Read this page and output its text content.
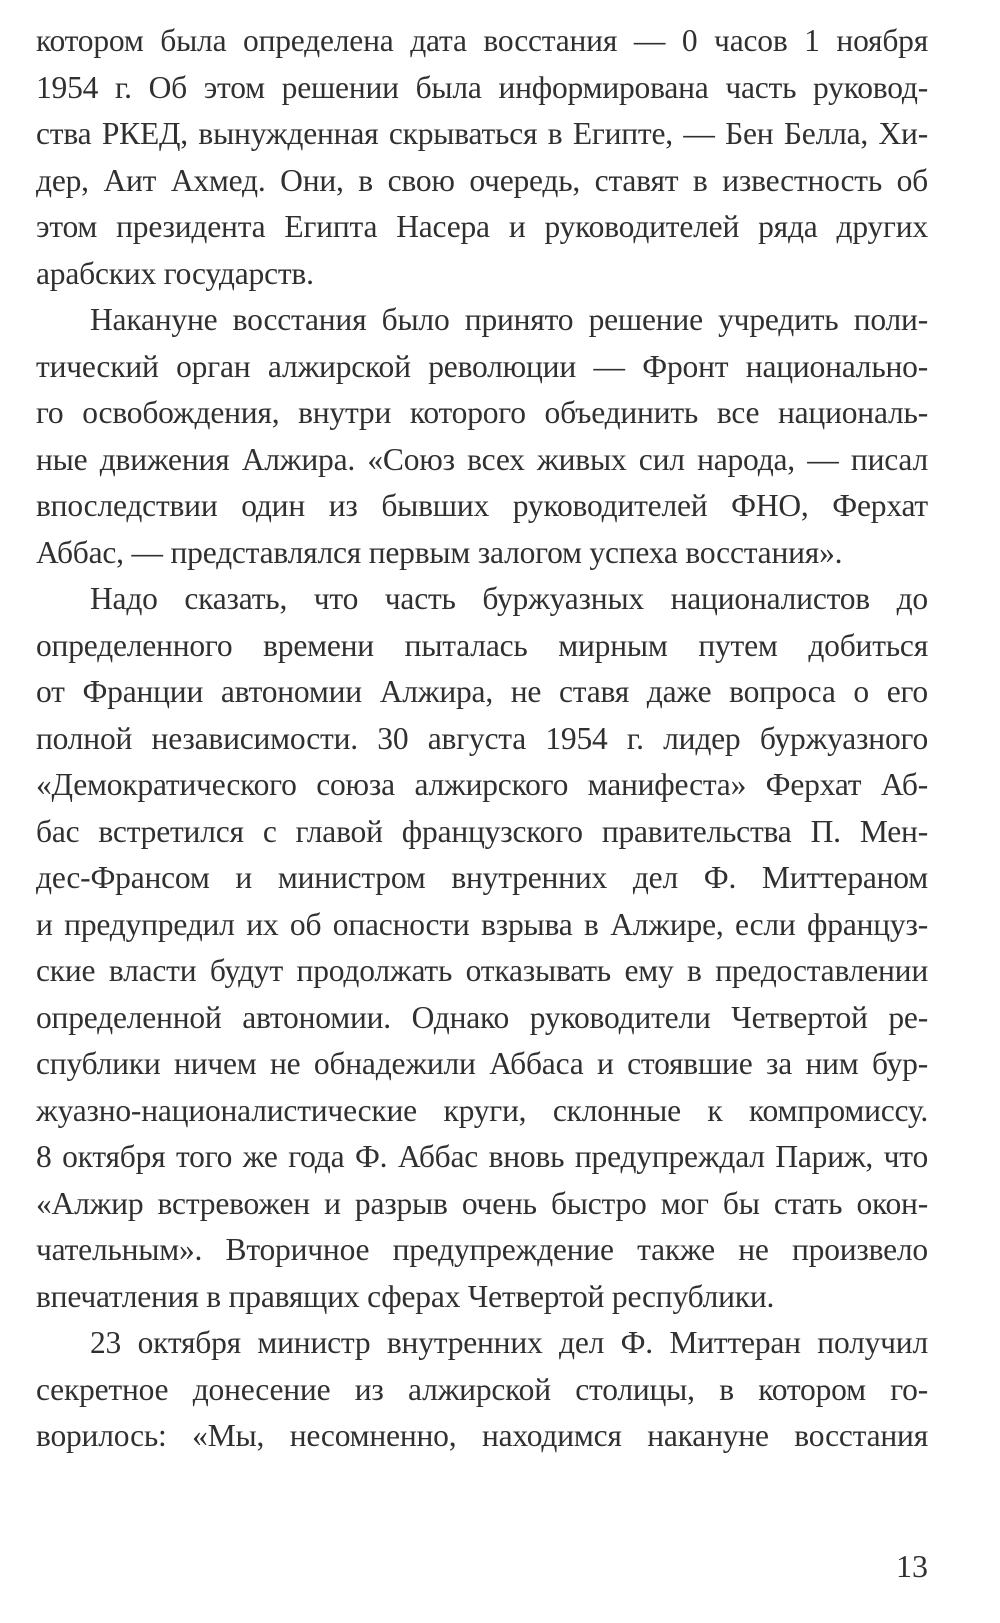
котором была определена дата восстания — 0 часов 1 ноября
1954 г. Об этом решении была информирована часть руковод-
ства РКЕД, вынужденная скрываться в Египте, — Бен Белла, Хи-
дер, Аит Ахмед. Они, в свою очередь, ставят в известность об
этом президента Египта Насера и руководителей ряда других
арабских государств.
Накануне восстания было принято решение учредить поли-
тический орган алжирской революции — Фронт национально-
го освобождения, внутри которого объединить все националь-
ные движения Алжира. «Союз всех живых сил народа, — писал
впоследствии один из бывших руководителей ФНО, Ферхат
Аббас, — представлялся первым залогом успеха восстания».
Надо сказать, что часть буржуазных националистов до
определенного времени пыталась мирным путем добиться
от Франции автономии Алжира, не ставя даже вопроса о его
полной независимости. 30 августа 1954 г. лидер буржуазного
«Демократического союза алжирского манифеста» Ферхат Аб-
бас встретился с главой французского правительства П. Мен-
дес-Франсом и министром внутренних дел Ф. Миттераном
и предупредил их об опасности взрыва в Алжире, если француз-
ские власти будут продолжать отказывать ему в предоставлении
определенной автономии. Однако руководители Четвертой ре-
спублики ничем не обнадежили Аббаса и стоявшие за ним бур-
жуазно-националистические круги, склонные к компромиссу.
8 октября того же года Ф. Аббас вновь предупреждал Париж, что
«Алжир встревожен и разрыв очень быстро мог бы стать окон-
чательным». Вторичное предупреждение также не произвело
впечатления в правящих сферах Четвертой республики.
23 октября министр внутренних дел Ф. Миттеран получил
секретное донесение из алжирской столицы, в котором го-
ворилось: «Мы, несомненно, находимся накануне восстания
13
